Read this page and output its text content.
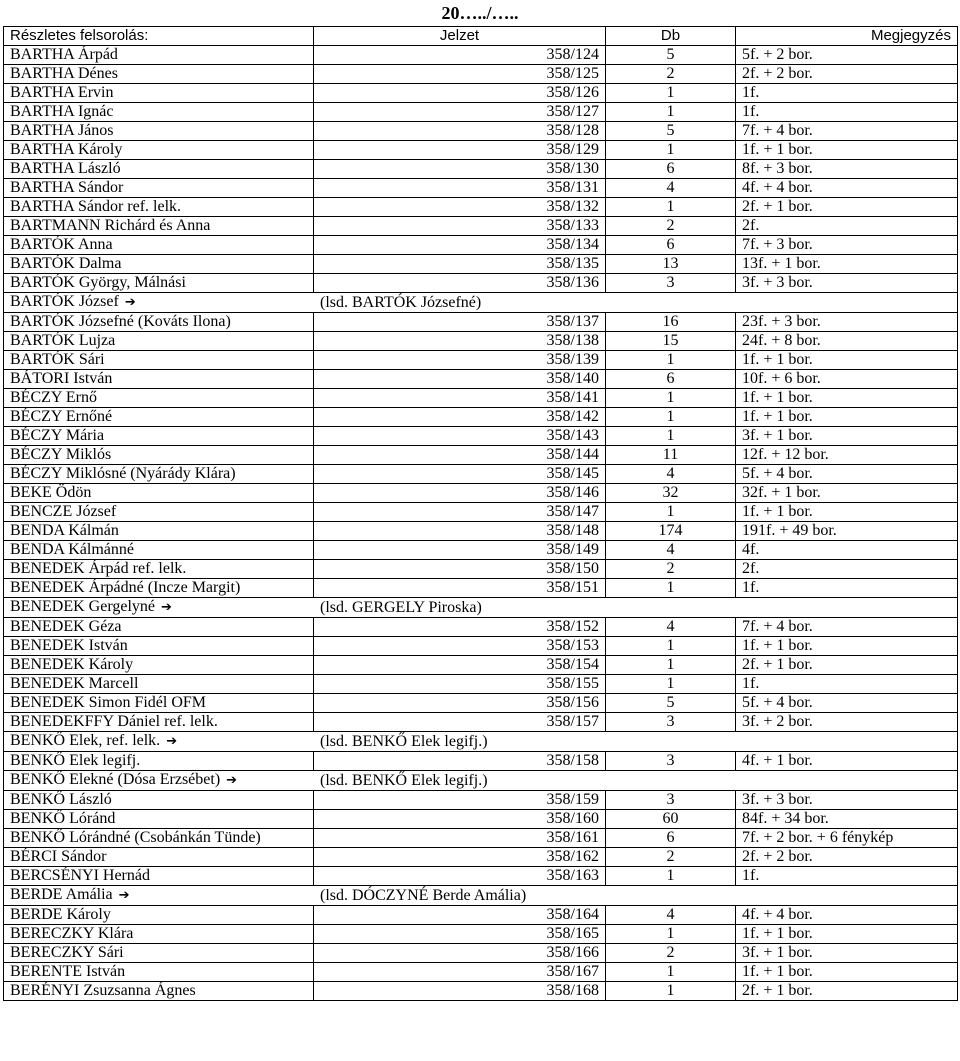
20…../…..
Részletes felsorolás:	Jelzet	Db	Megjegyzés
BARTHA Árpád	358/124	5	5f. + 2 bor.
BARTHA Dénes	358/125	2	2f. + 2 bor.
BARTHA Ervin	358/126	1	1f.
BARTHA Ignác	358/127	1	1f.
BARTHA János	358/128	5	7f. + 4 bor.
BARTHA Károly	358/129	1	1f. + 1 bor.
BARTHA László	358/130	6	8f. + 3 bor.
BARTHA Sándor	358/131	4	4f. + 4 bor.
BARTHA Sándor ref. lelk.	358/132	1	2f. + 1 bor.
BARTMANN Richárd és Anna	358/133	2	2f.
BARTÓK Anna	358/134	6	7f. + 3 bor.
BARTÓK Dalma	358/135	13	13f. + 1 bor.
BARTÓK György, Málnási	358/136	3	3f. + 3 bor.
BARTÓK József ➔	(lsd. BARTÓK Józsefné)		
BARTÓK Józsefné (Kováts Ilona)	358/137	16	23f. + 3 bor.
BARTÓK Lujza	358/138	15	24f. + 8 bor.
BARTÓK Sári	358/139	1	1f. + 1 bor.
BÁTORI István	358/140	6	10f. + 6 bor.
BÉCZY Ernő	358/141	1	1f. + 1 bor.
BÉCZY Ernőné	358/142	1	1f. + 1 bor.
BÉCZY Mária	358/143	1	3f. + 1 bor.
BÉCZY Miklós	358/144	11	12f. + 12 bor.
BÉCZY Miklósné (Nyárády Klára)	358/145	4	5f. + 4 bor.
BEKE Ödön	358/146	32	32f. + 1 bor.
BENCZE József	358/147	1	1f. + 1 bor.
BENDA Kálmán	358/148	174	191f. + 49 bor.
BENDA Kálmánné	358/149	4	4f.
BENEDEK Árpád ref. lelk.	358/150	2	2f.
BENEDEK Árpádné (Incze Margit)	358/151	1	1f.
BENEDEK Gergelyné ➔	(lsd. GERGELY Piroska)		
BENEDEK Géza	358/152	4	7f. + 4 bor.
BENEDEK István	358/153	1	1f. + 1 bor.
BENEDEK Károly	358/154	1	2f. + 1 bor.
BENEDEK Marcell	358/155	1	1f.
BENEDEK Simon Fidél OFM	358/156	5	5f. + 4 bor.
BENEDEKFFY Dániel ref. lelk.	358/157	3	3f. + 2 bor.
BENKŐ Elek, ref. lelk. ➔	(lsd. BENKŐ Elek legifj.)		
BENKŐ Elek legifj.	358/158	3	4f. + 1 bor.
BENKŐ Elekné (Dósa Erzsébet) ➔	(lsd. BENKŐ Elek legifj.)		
BENKŐ László	358/159	3	3f. + 3 bor.
BENKŐ Lóránd	358/160	60	84f. + 34 bor.
BENKŐ Lórándné (Csobánkán Tünde)	358/161	6	7f. + 2 bor. + 6 fénykép
BÉRCI Sándor	358/162	2	2f. + 2 bor.
BERCSÉNYI Hernád	358/163	1	1f.
BERDE Amália ➔	(lsd. DÓCZYNÉ Berde Amália)		
BERDE Károly	358/164	4	4f. + 4 bor.
BERECZKY Klára	358/165	1	1f. + 1 bor.
BERECZKY Sári	358/166	2	3f. + 1 bor.
BERENTE István	358/167	1	1f. + 1 bor.
BERÉNYI Zsuzsanna Ágnes	358/168	1	2f. + 1 bor.
